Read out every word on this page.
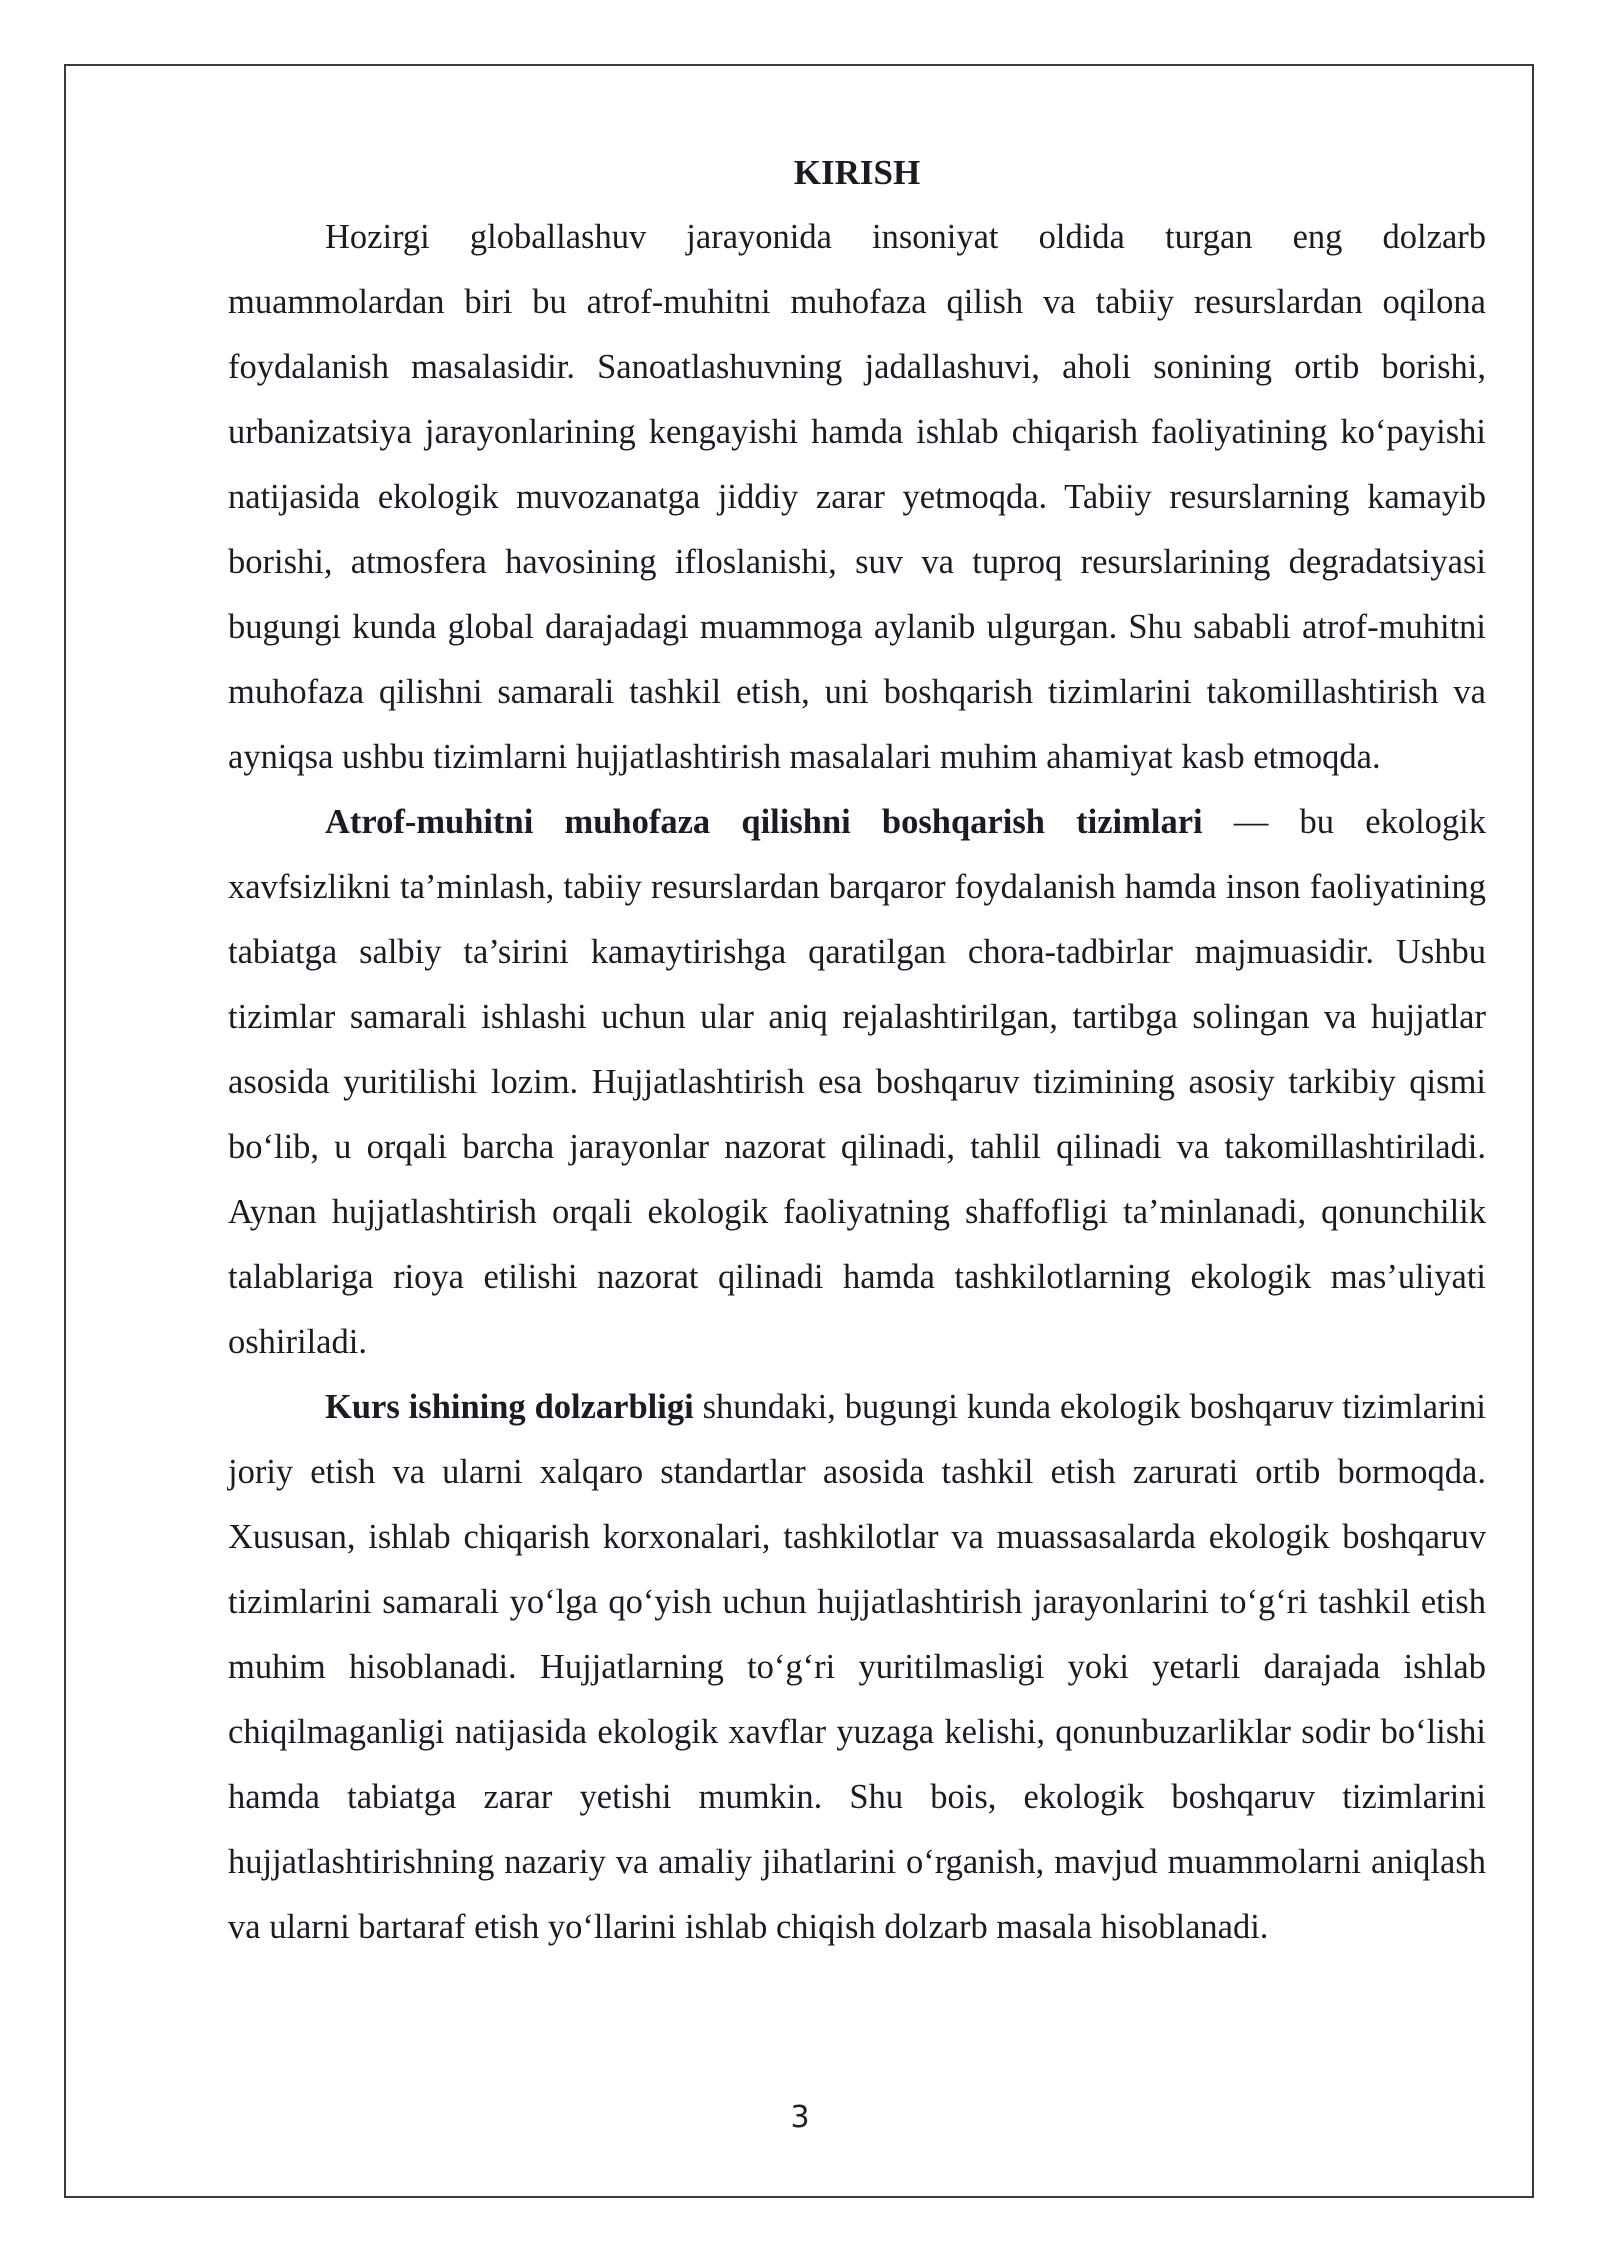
KIRISH

Hozirgi globallashuv jarayonida insoniyat oldida turgan eng dolzarb muammolardan biri bu atrof-muhitni muhofaza qilish va tabiiy resurslardan oqilona foydalanish masalasidir. Sanoatlashuvning jadallashuvi, aholi sonining ortib borishi, urbanizatsiya jarayonlarining kengayishi hamda ishlab chiqarish faoliyatining ko‘payishi natijasida ekologik muvozanatga jiddiy zarar yetmoqda. Tabiiy resurslarning kamayib borishi, atmosfera havosining ifloslanishi, suv va tuproq resurslarining degradatsiyasi bugungi kunda global darajadagi muammoga aylanib ulgurgan. Shu sababli atrof-muhitni muhofaza qilishni samarali tashkil etish, uni boshqarish tizimlarini takomillashtirish va ayniqsa ushbu tizimlarni hujjatlashtirish masalalari muhim ahamiyat kasb etmoqda.

Atrof-muhitni muhofaza qilishni boshqarish tizimlari — bu ekologik xavfsizlikni ta’minlash, tabiiy resurslardan barqaror foydalanish hamda inson faoliyatining tabiatga salbiy ta’sirini kamaytirishga qaratilgan chora-tadbirlar majmuasidir. Ushbu tizimlar samarali ishlashi uchun ular aniq rejalashtirilgan, tartibga solingan va hujjatlar asosida yuritilishi lozim. Hujjatlashtirish esa boshqaruv tizimining asosiy tarkibiy qismi bo‘lib, u orqali barcha jarayonlar nazorat qilinadi, tahlil qilinadi va takomillashtiriladi. Aynan hujjatlashtirish orqali ekologik faoliyatning shaffofligi ta’minlanadi, qonunchilik talablariga rioya etilishi nazorat qilinadi hamda tashkilotlarning ekologik mas’uliyati oshiriladi.

Kurs ishining dolzarbligi shundaki, bugungi kunda ekologik boshqaruv tizimlarini joriy etish va ularni xalqaro standartlar asosida tashkil etish zarurati ortib bormoqda. Xususan, ishlab chiqarish korxonalari, tashkilotlar va muassasalarda ekologik boshqaruv tizimlarini samarali yo‘lga qo‘yish uchun hujjatlashtirish jarayonlarini to‘g‘ri tashkil etish muhim hisoblanadi. Hujjatlarning to‘g‘ri yuritilmasligi yoki yetarli darajada ishlab chiqilmaganligi natijasida ekologik xavflar yuzaga kelishi, qonunbuzarliklar sodir bo‘lishi hamda tabiatga zarar yetishi mumkin. Shu bois, ekologik boshqaruv tizimlarini hujjatlashtirishning nazariy va amaliy jihatlarini o‘rganish, mavjud muammolarni aniqlash va ularni bartaraf etish yo‘llarini ishlab chiqish dolzarb masala hisoblanadi.

3
